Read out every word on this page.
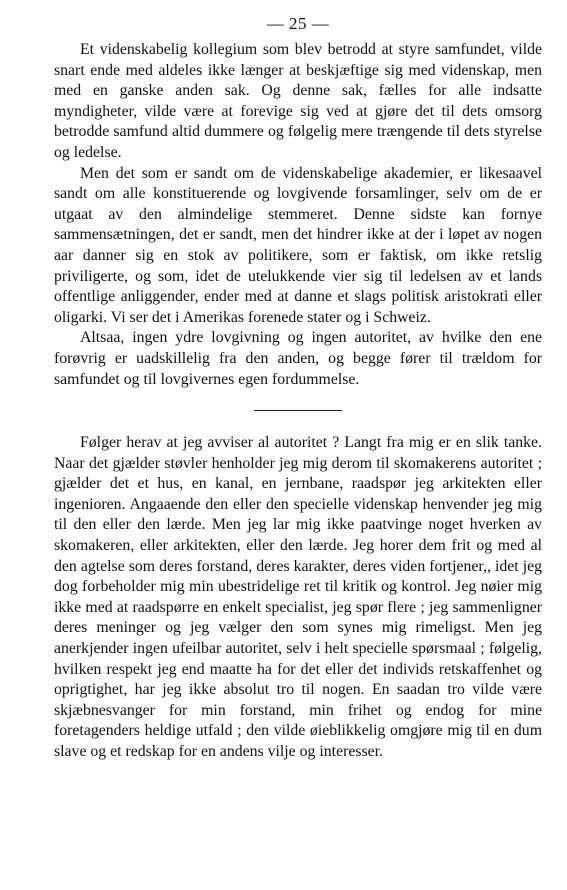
— 25 —

Et videnskabelig kollegium som blev betrodd at styre samfundet, vilde snart ende med aldeles ikke længer at beskjæftige sig med videnskap, men med en ganske anden sak. Og denne sak, fælles for alle indsatte myndigheter, vilde være at forevige sig ved at gjøre det til dets omsorg betrodde samfund altid dummere og følgelig mere trængende til dets styrelse og ledelse.

Men det som er sandt om de videnskabelige akademier, er likesaavel sandt om alle konstituerende og lovgivende forsamlinger, selv om de er utgaat av den almindelige stemmeret. Denne sidste kan fornye sammensætningen, det er sandt, men det hindrer ikke at der i løpet av nogen aar danner sig en stok av politikere, som er faktisk, om ikke retslig priviligerte, og som, idet de utelukkende vier sig til ledelsen av et lands offentlige anliggender, ender med at danne et slags politisk aristokrati eller oligarki. Vi ser det i Amerikas forenede stater og i Schweiz.

Altsaa, ingen ydre lovgivning og ingen autoritet, av hvilke den ene forøvrig er uadskillelig fra den anden, og begge fører til trældom for samfundet og til lovgivernes egen fordummelse.

Følger herav at jeg avviser al autoritet ? Langt fra mig er en slik tanke. Naar det gjælder støvler henholder jeg mig derom til skomakerens autoritet ; gjælder det et hus, en kanal, en jernbane, raadspør jeg arkitekten eller ingenioren. Angaaende den eller den specielle videnskap henvender jeg mig til den eller den lærde. Men jeg lar mig ikke paatvinge noget hverken av skomakeren, eller arkitekten, eller den lærde. Jeg horer dem frit og med al den agtelse som deres forstand, deres karakter, deres viden fortjener,, idet jeg dog forbeholder mig min ubestridelige ret til kritik og kontrol. Jeg nøier mig ikke med at raadspørre en enkelt specialist, jeg spør flere ; jeg sammenligner deres meninger og jeg vælger den som synes mig rimeligst. Men jeg anerkjender ingen ufeilbar autoritet, selv i helt specielle spørsmaal ; følgelig, hvilken respekt jeg end maatte ha for det eller det individs retskaffenhet og oprigtighet, har jeg ikke absolut tro til nogen. En saadan tro vilde være skjæbnesvanger for min forstand, min frihet og endog for mine foretagenders heldige utfald ; den vilde øieblikkelig omgjøre mig til en dum slave og et redskap for en andens vilje og interesser.
